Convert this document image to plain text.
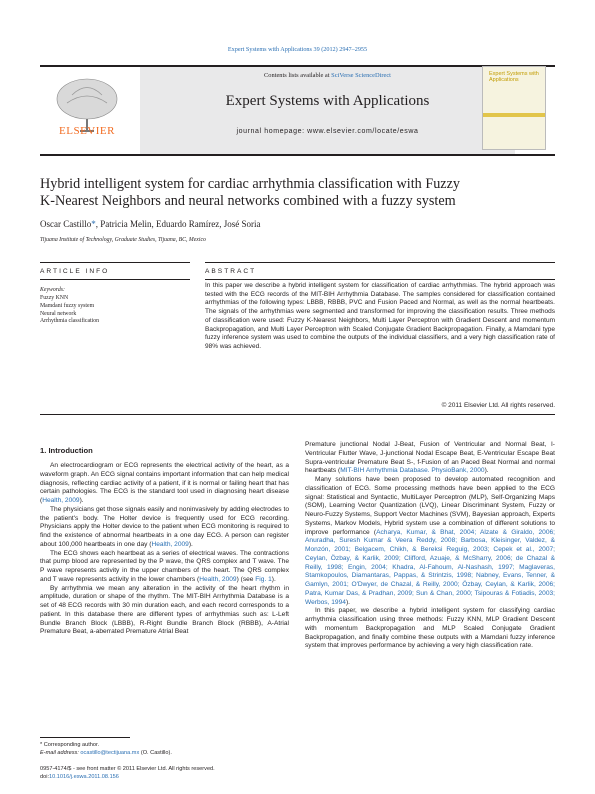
Expert Systems with Applications 39 (2012) 2947–2955
ELSEVIER
Contents lists available at SciVerse ScienceDirect
Expert Systems with Applications
journal homepage: www.elsevier.com/locate/eswa
Expert Systems with Applications
Hybrid intelligent system for cardiac arrhythmia classification with Fuzzy
K-Nearest Neighbors and neural networks combined with a fuzzy system
Oscar Castillo*, Patricia Melin, Eduardo Ramírez, José Soria
Tijuana Institute of Technology, Graduate Studies, Tijuana, BC, Mexico
ARTICLE INFO	ABSTRACT
Keywords:
Fuzzy KNN
Mamdani fuzzy system
Neural network
Arrhythmia classification
In this paper we describe a hybrid intelligent system for classification of cardiac arrhythmias. The hybrid approach was tested with the ECG records of the MIT-BIH Arrhythmia Database. The samples considered for classification contained arrhythmias of the following types: LBBB, RBBB, PVC and Fusion Paced and Normal, as well as the normal heartbeats. The signals of the arrhythmias were segmented and transformed for improving the classification results. Three methods of classification were used: Fuzzy K-Nearest Neighbors, Multi Layer Perceptron with Gradient Descent and momentum Backpropagation, and Multi Layer Perceptron with Scaled Conjugate Gradient Backpropagation. Finally, a Mamdani type fuzzy inference system was used to combine the outputs of the individual classifiers, and a very high classification rate of 98% was achieved.
© 2011 Elsevier Ltd. All rights reserved.
1. Introduction

An electrocardiogram or ECG represents the electrical activity of the heart, as a waveform graph. An ECG signal contains important information that can help medical diagnosis, reflecting cardiac activity of a patient, if it is normal or failing heart that has certain pathologies. The ECG is the standard tool used in diagnosing heart disease (Health, 2009).

The physicians get those signals easily and noninvasively by adding electrodes to the patient's body. The Holter device is frequently used for ECG recording. Physicians apply the Holter device to the patient when ECG monitoring is required to find the existence of abnormal heartbeats in a one day ECG. A person can register about 100,000 heartbeats in one day (Health, 2009).

The ECG shows each heartbeat as a series of electrical waves. The contractions that pump blood are represented by the P wave, the QRS complex and T wave. The P wave represents activity in the upper chambers of the heart. The QRS complex and T wave represents activity in the lower chambers (Health, 2009) (see Fig. 1).

By arrhythmia we mean any alteration in the activity of the heart rhythm in amplitude, duration or shape of the rhythm. The MIT-BIH Arrhythmia Database is a set of 48 ECG records with 30 min duration each, and each record corresponds to a patient. In this database there are different types of arrhythmias such as: L-Left Bundle Branch Block (LBBB), R-Right Bundle Branch Block (RBBB), A-Atrial Premature Beat, a-aberrated Premature Atrial Beat

Premature junctional Nodal J-Beat, Fusion of Ventricular and Normal Beat, I-Ventricular Flutter Wave, J-junctional Nodal Escape Beat, E-Ventricular Escape Beat Supra-ventricular Premature Beat S-, f-Fusion of an Paced Beat Normal and normal heartbeats (MIT-BIH Arrhythmia Database. PhysioBank, 2000).

Many solutions have been proposed to develop automated recognition and classification of ECG. Some processing methods have been applied to the ECG signal: Statistical and Syntactic, MultiLayer Perceptron (MLP), Self-Organizing Maps (SOM), Learning Vector Quantization (LVQ), Linear Discriminant System, Fuzzy or Neuro-Fuzzy Systems, Support Vector Machines (SVM), Bayesian approach, Experts Systems, Markov Models, Hybrid system use a combination of different solutions to improve performance (Acharya, Kumar, & Bhat, 2004; Alzate & Giraldo, 2006; Anuradha, Suresh Kumar & Veera Reddy, 2008; Barbosa, Kleisinger, Valdez, & Monzón, 2001; Belgacem, Chikh, & Bereksi Reguig, 2003; Cepek et al., 2007; Ceylan, Özbay, & Karlik, 2009; Clifford, Azuaje, & McSharry, 2006; de Chazal & Reilly, 1998; Engin, 2004; Khadra, Al-Fahoum, Al-Nashash, 1997; Maglaveras, Stamkopoulos, Diamantaras, Pappas, & Strintzis, 1998; Nabney, Evans, Tenner, & Gamlyn, 2001; O'Dwyer, de Chazal, & Reilly, 2000; Özbay, Ceylan, & Karlik, 2006; Patra, Kumar Das, & Pradhan, 2009; Sun & Chan, 2000; Tsipouras & Fotiadis, 2003; Werbos, 1994).

In this paper, we describe a hybrid intelligent system for classifying cardiac arrhythmia classification using three methods: Fuzzy KNN, MLP Gradient Descent with momentum Backpropagation and MLP Scaled Conjugate Gradient Backpropagation, and finally combine these outputs with a Mamdani fuzzy inference system that improves performance by achieving a very high classification rate.

* Corresponding author.
E-mail address: ocastillo@tectijuana.mx (O. Castillo).
0957-4174/$ - see front matter © 2011 Elsevier Ltd. All rights reserved.
doi:10.1016/j.eswa.2011.08.156
